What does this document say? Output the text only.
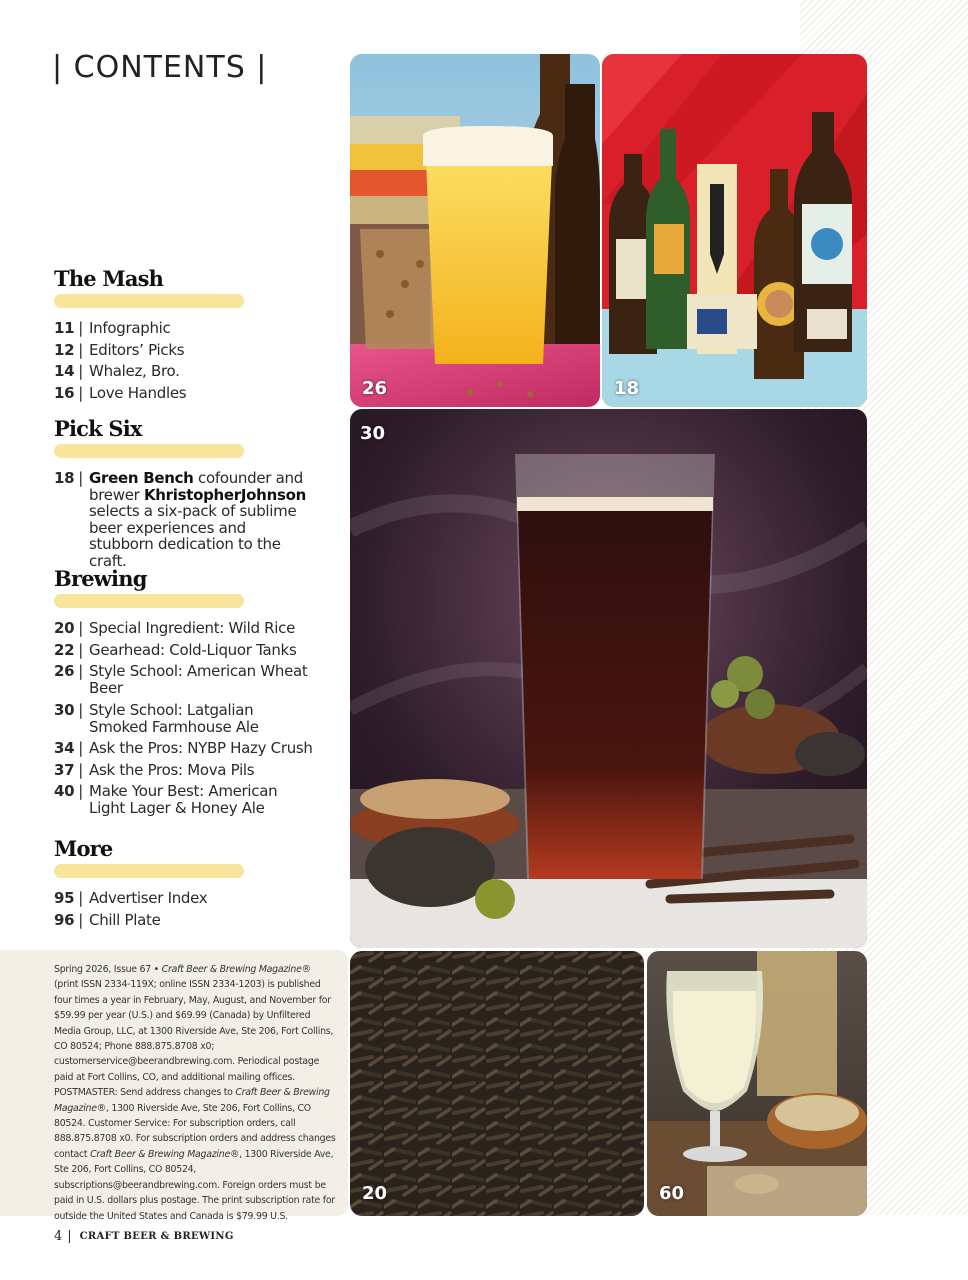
| CONTENTS |
The Mash
11 | Infographic
12 | Editors’ Picks
14 | Whalez, Bro.
16 | Love Handles
Pick Six
18 | Green Bench cofounder and brewer KhristopherJohnson selects a six-pack of sublime beer experiences and stubborn dedication to the craft.
Brewing
20 | Special Ingredient: Wild Rice
22 | Gearhead: Cold-Liquor Tanks
26 | Style School: American Wheat Beer
30 | Style School: Latgalian Smoked Farmhouse Ale
34 | Ask the Pros: NYBP Hazy Crush
37 | Ask the Pros: Mova Pils
40 | Make Your Best: American Light Lager & Honey Ale
More
95 | Advertiser Index
96 | Chill Plate
Spring 2026, Issue 67 • Craft Beer & Brewing Magazine® (print ISSN 2334-119X; online ISSN 2334-1203) is published four times a year in February, May, August, and November for $59.99 per year (U.S.) and $69.99 (Canada) by Unfiltered Media Group, LLC, at 1300 Riverside Ave, Ste 206, Fort Collins, CO 80524; Phone 888.875.8708 x0; customerservice@beerandbrewing.com. Periodical postage paid at Fort Collins, CO, and additional mailing offices. POSTMASTER: Send address changes to Craft Beer & Brewing Magazine®, 1300 Riverside Ave, Ste 206, Fort Collins, CO 80524. Customer Service: For subscription orders, call 888.875.8708 x0. For subscription orders and address changes contact Craft Beer & Brewing Magazine®, 1300 Riverside Ave, Ste 206, Fort Collins, CO 80524, subscriptions@beerandbrewing.com. Foreign orders must be paid in U.S. dollars plus postage. The print subscription rate for outside the United States and Canada is $79.99 U.S.
4 | CRAFT BEER & BREWING
26	18
30
20	60
